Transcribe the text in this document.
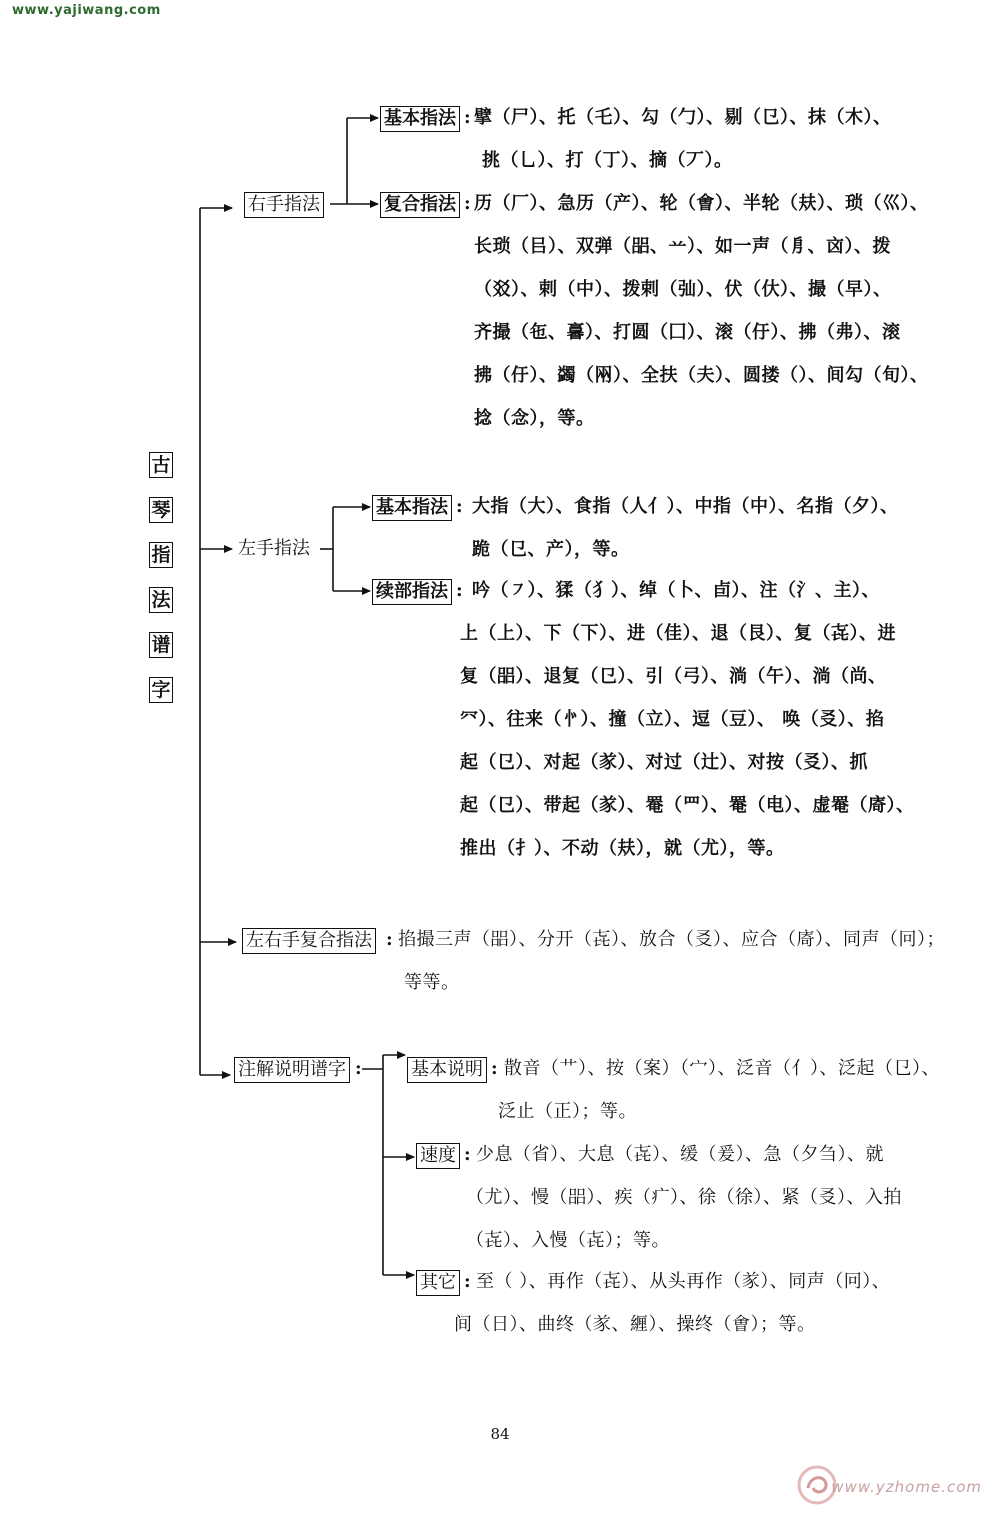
www.yajiwang.com
古
琴
指
法
谱
字
右手指法
基本指法 : 擘（尸）、托（乇）、勾（勹）、剔（㔾）、抹（木）、
挑（乚）、打（丁）、摘（丆）。
复合指法 : 历（厂）、急历（产）、轮（㑹）、半轮（㚘）、琐（巛）、
长琐（㠯）、双弹（㗊、䒑）、如一声（㐆、㐫）、拨
（㸚）、剌（中）、拨剌（㢫）、伏（㐲）、撮（早）、
齐撮（㐌、㐯）、打圆（囗）、滚（㐵）、拂（弗）、滚
拂（㐵）、蠲（㒳）、全扶（夫）、圆搂（）、间勾（旬）、
捻（念），等。
左手指法
基本指法 : 大指（大）、食指（人亻）、中指（中）、名指（夕）、
跪（㔾、产），等。
续部指法 : 吟（㇇）、猱（犭）、绰（卜、卣）、注（氵、主）、
上（上）、下（下）、进（佳）、退（艮）、复（㐂）、进
复（㗊）、退复（㔾）、引（弓）、淌（午）、淌（尚、
㓁）、往来（㣺）、撞（立）、逗（豆）、 唤（㕛）、掐
起（㔾）、对起（㒸）、对过（辻）、对按（㕛）、抓
起（㔾）、带起（㒸）、罨（罒）、罨（电）、虚罨（㢊）、
推出（扌）、不动（㚘），就（尤），等。
左右手复合指法 : 掐撮三声（㗊）、分开（㐂）、放合（㕛）、应合（㢊）、同声（冋）；
等等。
注解说明谱字 :	基本说明 : 散音（艹）、按（案）（宀）、泛音（亻）、泛起（㔾）、
泛止（正）；等。
速度 : 少息（省）、大息（㐂）、缓（爰）、急（夕刍）、就
（尤）、慢（㗊）、疾（疒）、徐（徐）、紧（㕛）、入拍
（㐂）、入慢（㐂）；等。
其它 : 至（ ）、再作（㐂）、从头再作（㒸）、同声（冋）、
间（日）、曲终（㒸、緾）、操终（㑹）；等。
84
www.yzhome.com
